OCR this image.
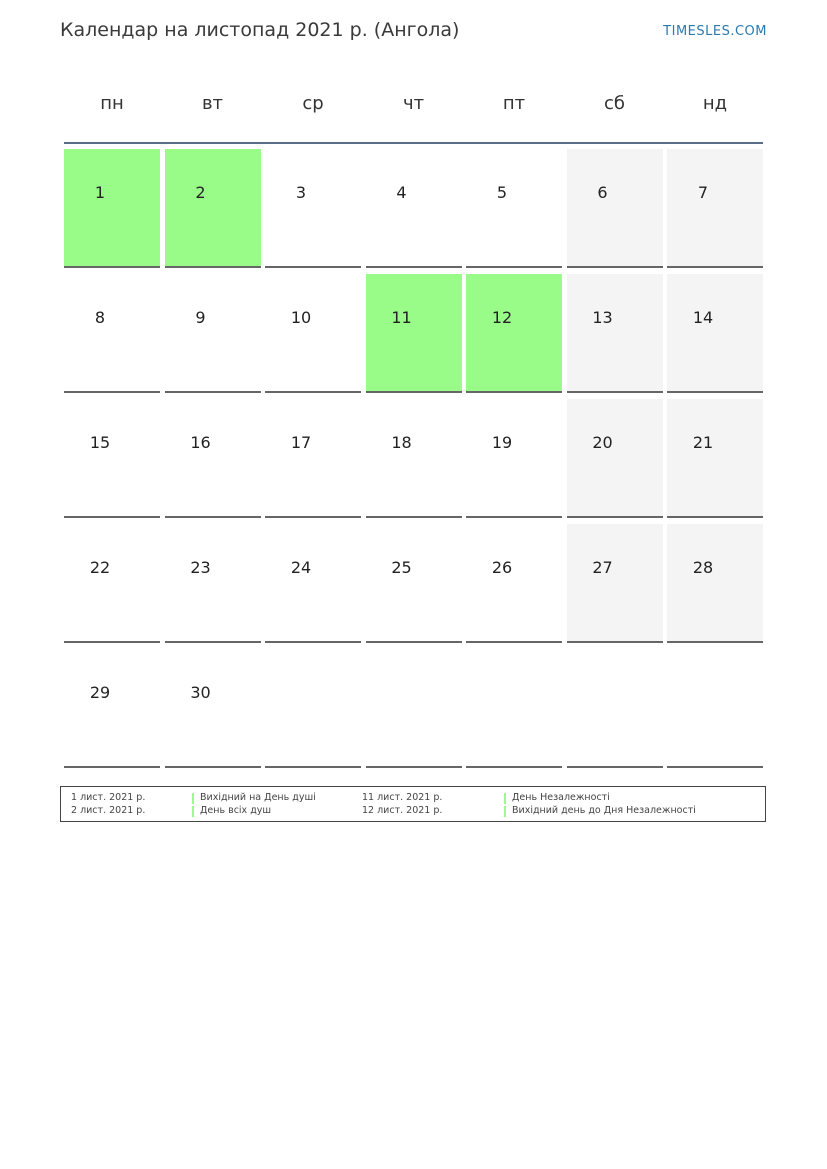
Календар на листопад 2021 р. (Ангола)	TIMESLES.COM
пн	вт	ср	чт	пт	сб	нд
1	2	3	4	5	6	7
8	9	10	11	12	13	14
15	16	17	18	19	20	21
22	23	24	25	26	27	28
29	30
1 лист. 2021 р.	Вихідний на День душі
2 лист. 2021 р.	День всіх душ
11 лист. 2021 р.	День Незалежності
12 лист. 2021 р.	Вихідний день до Дня Незалежності
